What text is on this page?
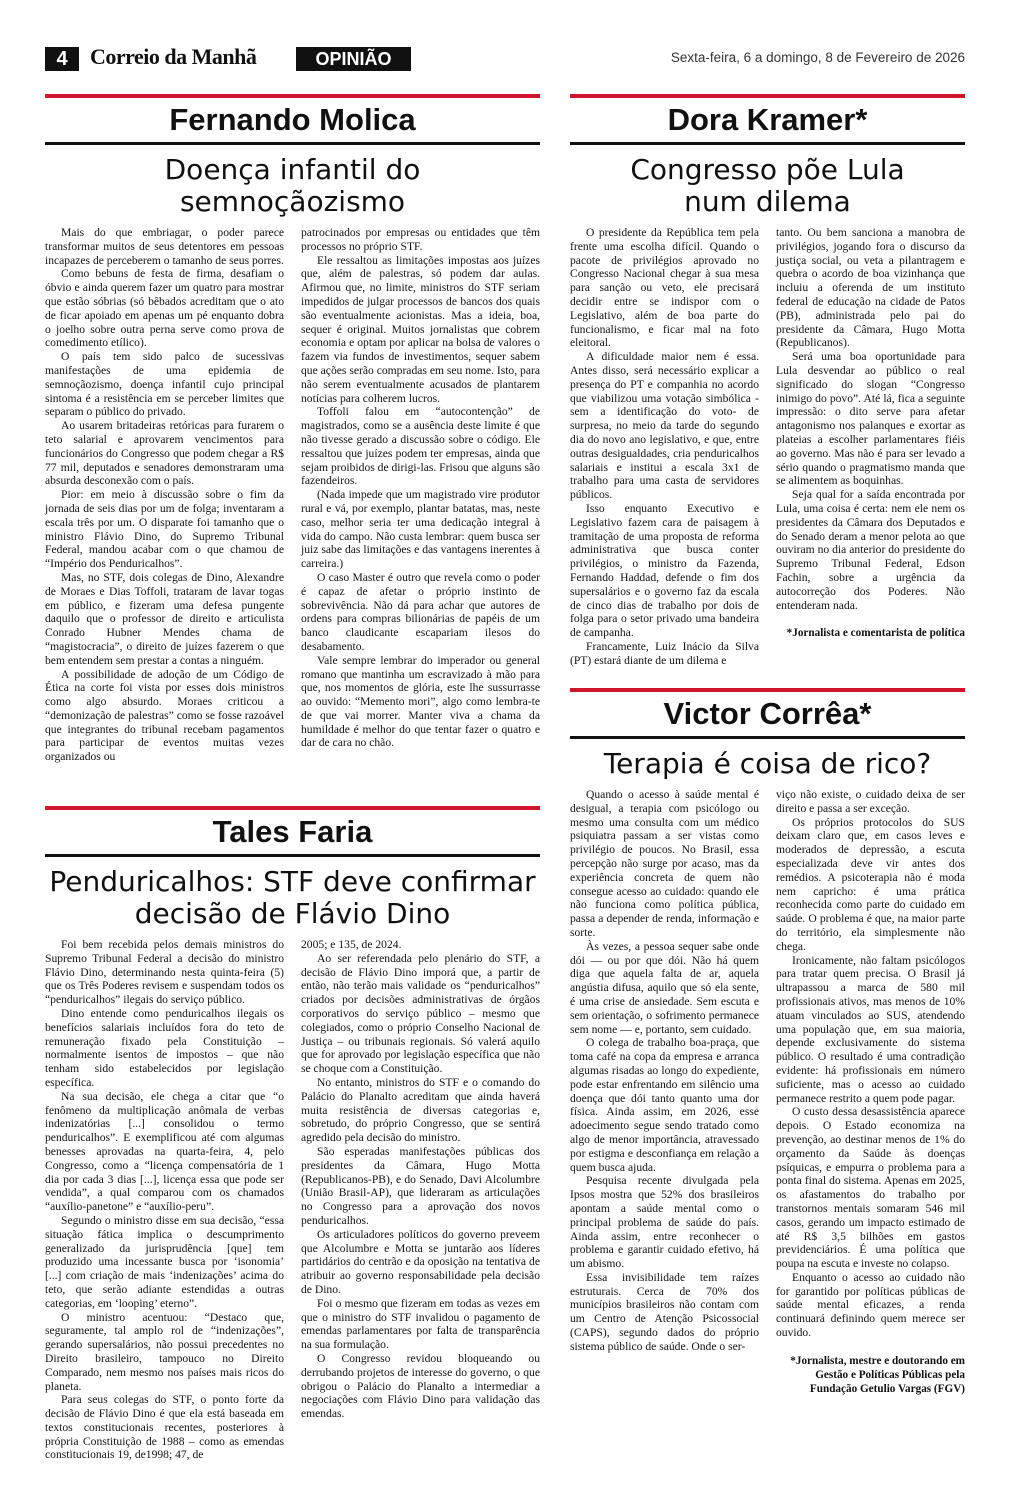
4	Correio da Manhã	OPINIÃO	Sexta-feira, 6 a domingo, 8 de Fevereiro de 2026
Fernando Molica
Doença infantil do semnoçãozismo

Mais do que embriagar, o poder parece transformar muitos de seus detentores em pessoas incapazes de perceberem o tamanho de seus porres.

Como bebuns de festa de firma, desafiam o óbvio e ainda querem fazer um quatro para mostrar que estão sóbrias (só bêbados acreditam que o ato de ficar apoiado em apenas um pé enquanto dobra o joelho sobre outra perna serve como prova de comedimento etílico).

O país tem sido palco de sucessivas manifestações de uma epidemia de semnoçãozismo, doença infantil cujo principal sintoma é a resistência em se perceber limites que separam o público do privado.

Ao usarem britadeiras retóricas para furarem o teto salarial e aprovarem vencimentos para funcionários do Congresso que podem chegar a R$ 77 mil, deputados e senadores demonstraram uma absurda desconexão com o país.

Pior: em meio à discussão sobre o fim da jornada de seis dias por um de folga; inventaram a escala três por um. O disparate foi tamanho que o ministro Flávio Dino, do Supremo Tribunal Federal, mandou acabar com o que chamou de “Império dos Penduricalhos”.

Mas, no STF, dois colegas de Dino, Alexandre de Moraes e Dias Toffoli, trataram de lavar togas em público, e fizeram uma defesa pungente daquilo que o professor de direito e articulista Conrado Hubner Mendes chama de “magistocracia”, o direito de juízes fazerem o que bem entendem sem prestar a contas a ninguém.

A possibilidade de adoção de um Código de Ética na corte foi vista por esses dois ministros como algo absurdo. Moraes criticou a “demonização de palestras” como se fosse razoável que integrantes do tribunal recebam pagamentos para participar de eventos muitas vezes organizados ou

patrocinados por empresas ou entidades que têm processos no próprio STF.

Ele ressaltou as limitações impostas aos juízes que, além de palestras, só podem dar aulas. Afirmou que, no limite, ministros do STF seriam impedidos de julgar processos de bancos dos quais são eventualmente acionistas. Mas a ideia, boa, sequer é original. Muitos jornalistas que cobrem economia e optam por aplicar na bolsa de valores o fazem via fundos de investimentos, sequer sabem que ações serão compradas em seu nome. Isto, para não serem eventualmente acusados de plantarem notícias para colherem lucros.

Toffoli falou em “autocontenção” de magistrados, como se a ausência deste limite é que não tivesse gerado a discussão sobre o código. Ele ressaltou que juízes podem ter empresas, ainda que sejam proibidos de dirigi-las. Frisou que alguns são fazendeiros.

(Nada impede que um magistrado vire produtor rural e vá, por exemplo, plantar batatas, mas, neste caso, melhor seria ter uma dedicação integral à vida do campo. Não custa lembrar: quem busca ser juiz sabe das limitações e das vantagens inerentes à carreira.)

O caso Master é outro que revela como o poder é capaz de afetar o próprio instinto de sobrevivência. Não dá para achar que autores de ordens para compras bilionárias de papéis de um banco claudicante escapariam ilesos do desabamento.

Vale sempre lembrar do imperador ou general romano que mantinha um escravizado à mão para que, nos momentos de glória, este lhe sussurrasse ao ouvido: “Memento mori”, algo como lembra-te de que vai morrer. Manter viva a chama da humildade é melhor do que tentar fazer o quatro e dar de cara no chão.

Dora Kramer*
Congresso põe Lula num dilema

O presidente da República tem pela frente uma escolha difícil. Quando o pacote de privilégios aprovado no Congresso Nacional chegar à sua mesa para sanção ou veto, ele precisará decidir entre se indispor com o Legislativo, além de boa parte do funcionalismo, e ficar mal na foto eleitoral.

A dificuldade maior nem é essa. Antes disso, será necessário explicar a presença do PT e companhia no acordo que viabilizou uma votação simbólica -sem a identificação do voto- de surpresa, no meio da tarde do segundo dia do novo ano legislativo, e que, entre outras desigualdades, cria penduricalhos salariais e institui a escala 3x1 de trabalho para uma casta de servidores públicos.

Isso enquanto Executivo e Legislativo fazem cara de paisagem à tramitação de uma proposta de reforma administrativa que busca conter privilégios, o ministro da Fazenda, Fernando Haddad, defende o fim dos supersalários e o governo faz da escala de cinco dias de trabalho por dois de folga para o setor privado uma bandeira de campanha.

Francamente, Luiz Inácio da Silva (PT) estará diante de um dilema e

tanto. Ou bem sanciona a manobra de privilégios, jogando fora o discurso da justiça social, ou veta a pilantragem e quebra o acordo de boa vizinhança que incluiu a oferenda de um instituto federal de educação na cidade de Patos (PB), administrada pelo pai do presidente da Câmara, Hugo Motta (Republicanos).

Será uma boa oportunidade para Lula desvendar ao público o real significado do slogan “Congresso inimigo do povo”. Até lá, fica a seguinte impressão: o dito serve para afetar antagonismo nos palanques e exortar as plateias a escolher parlamentares fiéis ao governo. Mas não é para ser levado a sério quando o pragmatismo manda que se alimentem as boquinhas.

Seja qual for a saída encontrada por Lula, uma coisa é certa: nem ele nem os presidentes da Câmara dos Deputados e do Senado deram a menor pelota ao que ouviram no dia anterior do presidente do Supremo Tribunal Federal, Edson Fachin, sobre a urgência da autocorreção dos Poderes. Não entenderam nada.

*Jornalista e comentarista de política
Tales Faria
Penduricalhos: STF deve confirmar decisão de Flávio Dino

Foi bem recebida pelos demais ministros do Supremo Tribunal Federal a decisão do ministro Flávio Dino, determinando nesta quinta-feira (5) que os Três Poderes revisem e suspendam todos os “penduricalhos” ilegais do serviço público.

Dino entende como penduricalhos ilegais os benefícios salariais incluídos fora do teto de remuneração fixado pela Constituição – normalmente isentos de impostos – que não tenham sido estabelecidos por legislação específica.

Na sua decisão, ele chega a citar que “o fenômeno da multiplicação anômala de verbas indenizatórias [...] consolidou o termo penduricalhos”. E exemplificou até com algumas benesses aprovadas na quarta-feira, 4, pelo Congresso, como a “licença compensatória de 1 dia por cada 3 dias [...], licença essa que pode ser vendida”, a qual comparou com os chamados “auxílio-panetone” e “auxílio-peru”.

Segundo o ministro disse em sua decisão, “essa situação fática implica o descumprimento generalizado da jurisprudência [que] tem produzido uma incessante busca por ‘isonomia’ [...] com criação de mais ‘indenizações’ acima do teto, que serão adiante estendidas a outras categorias, em ‘looping’ eterno”.

O ministro acentuou: “Destaco que, seguramente, tal amplo rol de “indenizações”, gerando supersalários, não possui precedentes no Direito brasileiro, tampouco no Direito Comparado, nem mesmo nos países mais ricos do planeta.

Para seus colegas do STF, o ponto forte da decisão de Flávio Dino é que ela está baseada em textos constitucionais recentes, posteriores à própria Constituição de 1988 – como as emendas constitucionais 19, de1998; 47, de

2005; e 135, de 2024.

Ao ser referendada pelo plenário do STF, a decisão de Flávio Dino imporá que, a partir de então, não terão mais validade os “penduricalhos” criados por decisões administrativas de órgãos corporativos do serviço público – mesmo que colegiados, como o próprio Conselho Nacional de Justiça – ou tribunais regionais. Só valerá aquilo que for aprovado por legislação específica que não se choque com a Constituição.

No entanto, ministros do STF e o comando do Palácio do Planalto acreditam que ainda haverá muita resistência de diversas categorias e, sobretudo, do próprio Congresso, que se sentirá agredido pela decisão do ministro.

São esperadas manifestações públicas dos presidentes da Câmara, Hugo Motta (Republicanos-PB), e do Senado, Davi Alcolumbre (União Brasil-AP), que lideraram as articulações no Congresso para a aprovação dos novos penduricalhos.

Os articuladores políticos do governo preveem que Alcolumbre e Motta se juntarão aos líderes partidários do centrão e da oposição na tentativa de atribuir ao governo responsabilidade pela decisão de Dino.

Foi o mesmo que fizeram em todas as vezes em que o ministro do STF invalidou o pagamento de emendas parlamentares por falta de transparência na sua formulação.

O Congresso revidou bloqueando ou derrubando projetos de interesse do governo, o que obrigou o Palácio do Planalto a intermediar a negociações com Flávio Dino para validação das emendas.

Victor Corrêa*
Terapia é coisa de rico?

Quando o acesso à saúde mental é desigual, a terapia com psicólogo ou mesmo uma consulta com um médico psiquiatra passam a ser vistas como privilégio de poucos. No Brasil, essa percepção não surge por acaso, mas da experiência concreta de quem não consegue acesso ao cuidado: quando ele não funciona como política pública, passa a depender de renda, informação e sorte.

Às vezes, a pessoa sequer sabe onde dói — ou por que dói. Não há quem diga que aquela falta de ar, aquela angústia difusa, aquilo que só ela sente, é uma crise de ansiedade. Sem escuta e sem orientação, o sofrimento permanece sem nome — e, portanto, sem cuidado.

O colega de trabalho boa-praça, que toma café na copa da empresa e arranca algumas risadas ao longo do expediente, pode estar enfrentando em silêncio uma doença que dói tanto quanto uma dor física. Ainda assim, em 2026, esse adoecimento segue sendo tratado como algo de menor importância, atravessado por estigma e desconfiança em relação a quem busca ajuda.

Pesquisa recente divulgada pela Ipsos mostra que 52% dos brasileiros apontam a saúde mental como o principal problema de saúde do país. Ainda assim, entre reconhecer o problema e garantir cuidado efetivo, há um abismo.

Essa invisibilidade tem raízes estruturais. Cerca de 70% dos municípios brasileiros não contam com um Centro de Atenção Psicossocial (CAPS), segundo dados do próprio sistema público de saúde. Onde o ser-

viço não existe, o cuidado deixa de ser direito e passa a ser exceção.

Os próprios protocolos do SUS deixam claro que, em casos leves e moderados de depressão, a escuta especializada deve vir antes dos remédios. A psicoterapia não é moda nem capricho: é uma prática reconhecida como parte do cuidado em saúde. O problema é que, na maior parte do território, ela simplesmente não chega.

Ironicamente, não faltam psicólogos para tratar quem precisa. O Brasil já ultrapassou a marca de 580 mil profissionais ativos, mas menos de 10% atuam vinculados ao SUS, atendendo uma população que, em sua maioria, depende exclusivamente do sistema público. O resultado é uma contradição evidente: há profissionais em número suficiente, mas o acesso ao cuidado permanece restrito a quem pode pagar.

O custo dessa desassistência aparece depois. O Estado economiza na prevenção, ao destinar menos de 1% do orçamento da Saúde às doenças psíquicas, e empurra o problema para a ponta final do sistema. Apenas em 2025, os afastamentos do trabalho por transtornos mentais somaram 546 mil casos, gerando um impacto estimado de até R$ 3,5 bilhões em gastos previdenciários. É uma política que poupa na escuta e investe no colapso.

Enquanto o acesso ao cuidado não for garantido por políticas públicas de saúde mental eficazes, a renda continuará definindo quem merece ser ouvido.

*Jornalista, mestre e doutorando em Gestão e Políticas Públicas pela Fundação Getulio Vargas (FGV)
